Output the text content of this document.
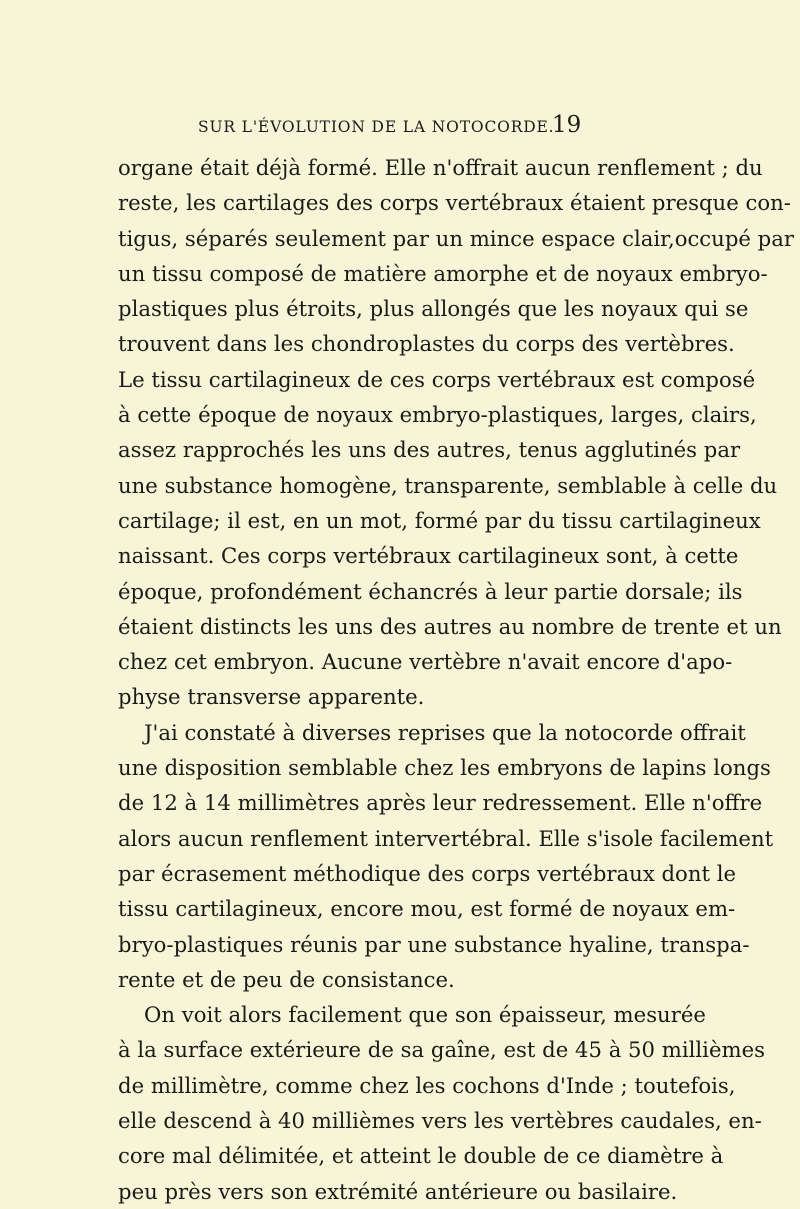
SUR L'ÉVOLUTION DE LA NOTOCORDE.
19
organe était déjà formé. Elle n'offrait aucun renflement ; du
reste, les cartilages des corps vertébraux étaient presque con-
tigus, séparés seulement par un mince espace clair,occupé par
un tissu composé de matière amorphe et de noyaux embryo-
plastiques plus étroits, plus allongés que les noyaux qui se
trouvent dans les chondroplastes du corps des vertèbres.
Le tissu cartilagineux de ces corps vertébraux est composé
à cette époque de noyaux embryo-plastiques, larges, clairs,
assez rapprochés les uns des autres, tenus agglutinés par
une substance homogène, transparente, semblable à celle du
cartilage; il est, en un mot, formé par du tissu cartilagineux
naissant. Ces corps vertébraux cartilagineux sont, à cette
époque, profondément échancrés à leur partie dorsale; ils
étaient distincts les uns des autres au nombre de trente et un
chez cet embryon. Aucune vertèbre n'avait encore d'apo-
physe transverse apparente.
J'ai constaté à diverses reprises que la notocorde offrait
une disposition semblable chez les embryons de lapins longs
de 12 à 14 millimètres après leur redressement. Elle n'offre
alors aucun renflement intervertébral. Elle s'isole facilement
par écrasement méthodique des corps vertébraux dont le
tissu cartilagineux, encore mou, est formé de noyaux em-
bryo-plastiques réunis par une substance hyaline, transpa-
rente et de peu de consistance.
On voit alors facilement que son épaisseur, mesurée
à la surface extérieure de sa gaîne, est de 45 à 50 millièmes
de millimètre, comme chez les cochons d'Inde ; toutefois,
elle descend à 40 millièmes vers les vertèbres caudales, en-
core mal délimitée, et atteint le double de ce diamètre à
peu près vers son extrémité antérieure ou basilaire.
